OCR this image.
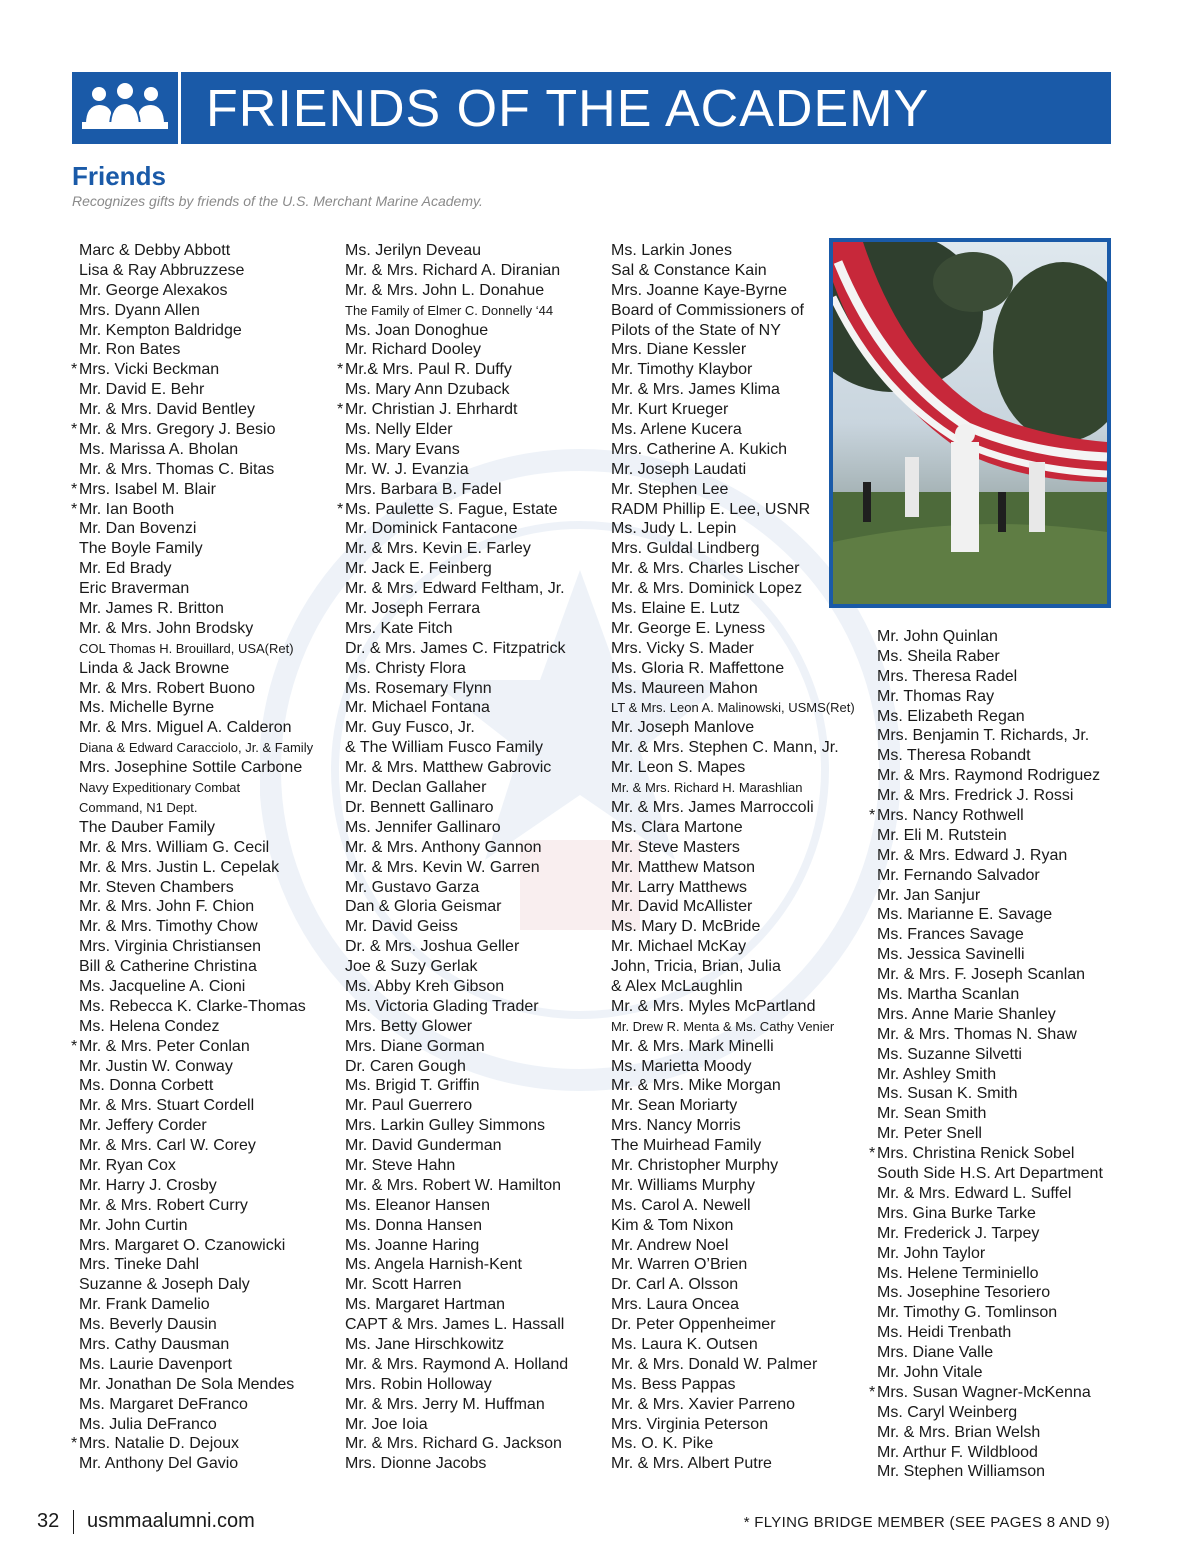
FRIENDS OF THE ACADEMY
Friends
Recognizes gifts by friends of the U.S. Merchant Marine Academy.
Marc & Debby Abbott
Lisa & Ray Abbruzzese
Mr. George Alexakos
Mrs. Dyann Allen
Mr. Kempton Baldridge
Mr. Ron Bates
* Mrs. Vicki Beckman
Mr. David E. Behr
Mr. & Mrs. David Bentley
* Mr. & Mrs. Gregory J. Besio
Ms. Marissa A. Bholan
Mr. & Mrs. Thomas C. Bitas
* Mrs. Isabel M. Blair
* Mr. Ian Booth
Mr. Dan Bovenzi
The Boyle Family
Mr. Ed Brady
Eric Braverman
Mr. James R. Britton
Mr. & Mrs. John Brodsky
COL Thomas H. Brouillard, USA(Ret)
Linda & Jack Browne
Mr. & Mrs. Robert Buono
Ms. Michelle Byrne
Mr. & Mrs. Miguel A. Calderon
Diana & Edward Caracciolo, Jr. & Family
Mrs. Josephine Sottile Carbone
Navy Expeditionary Combat
Command, N1 Dept.
The Dauber Family
Mr. & Mrs. William G. Cecil
Mr. & Mrs. Justin L. Cepelak
Mr. Steven Chambers
Mr. & Mrs. John F. Chion
Mr. & Mrs. Timothy Chow
Mrs. Virginia Christiansen
Bill & Catherine Christina
Ms. Jacqueline A. Cioni
Ms. Rebecca K. Clarke-Thomas
Ms. Helena Condez
* Mr. & Mrs. Peter Conlan
Mr. Justin W. Conway
Ms. Donna Corbett
Mr. & Mrs. Stuart Cordell
Mr. Jeffery Corder
Mr. & Mrs. Carl W. Corey
Mr. Ryan Cox
Mr. Harry J. Crosby
Mr. & Mrs. Robert Curry
Mr. John Curtin
Mrs. Margaret O. Czanowicki
Mrs. Tineke Dahl
Suzanne & Joseph Daly
Mr. Frank Damelio
Ms. Beverly Dausin
Mrs. Cathy Dausman
Ms. Laurie Davenport
Mr. Jonathan De Sola Mendes
Ms. Margaret DeFranco
Ms. Julia DeFranco
* Mrs. Natalie D. Dejoux
Mr. Anthony Del Gavio
Ms. Jerilyn Deveau
Mr. & Mrs. Richard A. Diranian
Mr. & Mrs. John L. Donahue
The Family of Elmer C. Donnelly ‘44
Ms. Joan Donoghue
Mr. Richard Dooley
* Mr.& Mrs. Paul R. Duffy
Ms. Mary Ann Dzuback
* Mr. Christian J. Ehrhardt
Ms. Nelly Elder
Ms. Mary Evans
Mr. W. J. Evanzia
Mrs. Barbara B. Fadel
* Ms. Paulette S. Fague, Estate
Mr. Dominick Fantacone
Mr. & Mrs. Kevin E. Farley
Mr. Jack E. Feinberg
Mr. & Mrs. Edward Feltham, Jr.
Mr. Joseph Ferrara
Mrs. Kate Fitch
Dr. & Mrs. James C. Fitzpatrick
Ms. Christy Flora
Ms. Rosemary Flynn
Mr. Michael Fontana
Mr. Guy Fusco, Jr.
& The William Fusco Family
Mr. & Mrs. Matthew Gabrovic
Mr. Declan Gallaher
Dr. Bennett Gallinaro
Ms. Jennifer Gallinaro
Mr. & Mrs. Anthony Gannon
Mr. & Mrs. Kevin W. Garren
Mr. Gustavo Garza
Dan & Gloria Geismar
Mr. David Geiss
Dr. & Mrs. Joshua Geller
Joe & Suzy Gerlak
Ms. Abby Kreh Gibson
Ms. Victoria Glading Trader
Mrs. Betty Glower
Mrs. Diane Gorman
Dr. Caren Gough
Ms. Brigid T. Griffin
Mr. Paul Guerrero
Mrs. Larkin Gulley Simmons
Mr. David Gunderman
Mr. Steve Hahn
Mr. & Mrs. Robert W. Hamilton
Ms. Eleanor Hansen
Ms. Donna Hansen
Ms. Joanne Haring
Ms. Angela Harnish-Kent
Mr. Scott Harren
Ms. Margaret Hartman
CAPT & Mrs. James L. Hassall
Ms. Jane Hirschkowitz
Mr. & Mrs. Raymond A. Holland
Mrs. Robin Holloway
Mr. & Mrs. Jerry M. Huffman
Mr. Joe Ioia
Mr. & Mrs. Richard G. Jackson
Mrs. Dionne Jacobs
Ms. Larkin Jones
Sal & Constance Kain
Mrs. Joanne Kaye-Byrne
Board of Commissioners of
Pilots of the State of NY
Mrs. Diane Kessler
Mr. Timothy Klaybor
Mr. & Mrs. James Klima
Mr. Kurt Krueger
Ms. Arlene Kucera
Mrs. Catherine A. Kukich
Mr. Joseph Laudati
Mr. Stephen Lee
RADM Phillip E. Lee, USNR
Ms. Judy L. Lepin
Mrs. Guldal Lindberg
Mr. & Mrs. Charles Lischer
Mr. & Mrs. Dominick Lopez
Ms. Elaine E. Lutz
Mr. George E. Lyness
Mrs. Vicky S. Mader
Ms. Gloria R. Maffettone
Ms. Maureen Mahon
LT & Mrs. Leon A. Malinowski, USMS(Ret)
Mr. Joseph Manlove
Mr. & Mrs. Stephen C. Mann, Jr.
Mr. Leon S. Mapes
Mr. & Mrs. Richard H. Marashlian
Mr. & Mrs. James Marroccoli
Ms. Clara Martone
Mr. Steve Masters
Mr. Matthew Matson
Mr. Larry Matthews
Mr. David McAllister
Ms. Mary D. McBride
Mr. Michael McKay
John, Tricia, Brian, Julia
& Alex McLaughlin
Mr. & Mrs. Myles McPartland
Mr. Drew R. Menta & Ms. Cathy Venier
Mr. & Mrs. Mark Minelli
Ms. Marietta Moody
Mr. & Mrs. Mike Morgan
Mr. Sean Moriarty
Mrs. Nancy Morris
The Muirhead Family
Mr. Christopher Murphy
Mr. Williams Murphy
Ms. Carol A. Newell
Kim & Tom Nixon
Mr. Andrew Noel
Mr. Warren O’Brien
Dr. Carl A. Olsson
Mrs. Laura Oncea
Dr. Peter Oppenheimer
Ms. Laura K. Outsen
Mr. & Mrs. Donald W. Palmer
Ms. Bess Pappas
Mr. & Mrs. Xavier Parreno
Mrs. Virginia Peterson
Ms. O. K. Pike
Mr. & Mrs. Albert Putre
Mr. John Quinlan
Ms. Sheila Raber
Mrs. Theresa Radel
Mr. Thomas Ray
Ms. Elizabeth Regan
Mrs. Benjamin T. Richards, Jr.
Ms. Theresa Robandt
Mr. & Mrs. Raymond Rodriguez
Mr. & Mrs. Fredrick J. Rossi
* Mrs. Nancy Rothwell
Mr. Eli M. Rutstein
Mr. & Mrs. Edward J. Ryan
Mr. Fernando Salvador
Mr. Jan Sanjur
Ms. Marianne E. Savage
Ms. Frances Savage
Ms. Jessica Savinelli
Mr. & Mrs. F. Joseph Scanlan
Ms. Martha Scanlan
Mrs. Anne Marie Shanley
Mr. & Mrs. Thomas N. Shaw
Ms. Suzanne Silvetti
Mr. Ashley Smith
Ms. Susan K. Smith
Mr. Sean Smith
Mr. Peter Snell
* Mrs. Christina Renick Sobel
South Side H.S. Art Department
Mr. & Mrs. Edward L. Suffel
Mrs. Gina Burke Tarke
Mr. Frederick J. Tarpey
Mr. John Taylor
Ms. Helene Terminiello
Ms. Josephine Tesoriero
Mr. Timothy G. Tomlinson
Ms. Heidi Trenbath
Mrs. Diane Valle
Mr. John Vitale
* Mrs. Susan Wagner-McKenna
Ms. Caryl Weinberg
Mr. & Mrs. Brian Welsh
Mr. Arthur F. Wildblood
Mr. Stephen Williamson
32 usmmaalumni.com	* FLYING BRIDGE MEMBER (SEE PAGES 8 AND 9)
